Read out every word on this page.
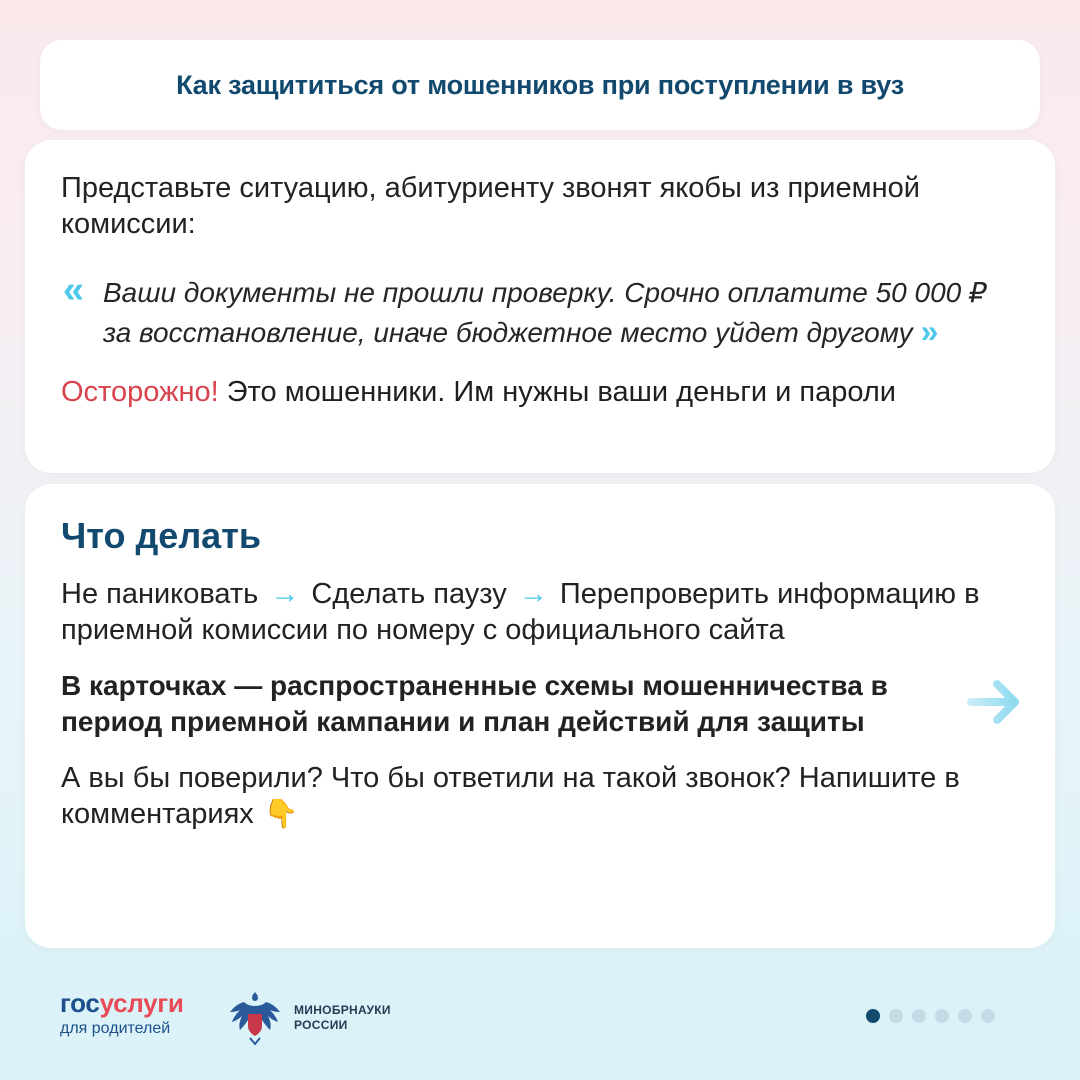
Как защититься от мошенников при поступлении в вуз

Представьте ситуацию, абитуриенту звонят якобы из приемной комиссии:

« Ваши документы не прошли проверку. Срочно оплатите 50 000 ₽ за восстановление, иначе бюджетное место уйдет другому »

Осторожно! Это мошенники. Им нужны ваши деньги и пароли

Что делать

Не паниковать → Сделать паузу → Перепроверить информацию в приемной комиссии по номеру с официального сайта

В карточках — распространенные схемы мошенничества в период приемной кампании и план действий для защиты

А вы бы поверили? Что бы ответили на такой звонок? Напишите в комментариях 👇

госуслуги
для родителей
МИНОБРНАУКИ
РОССИИ
